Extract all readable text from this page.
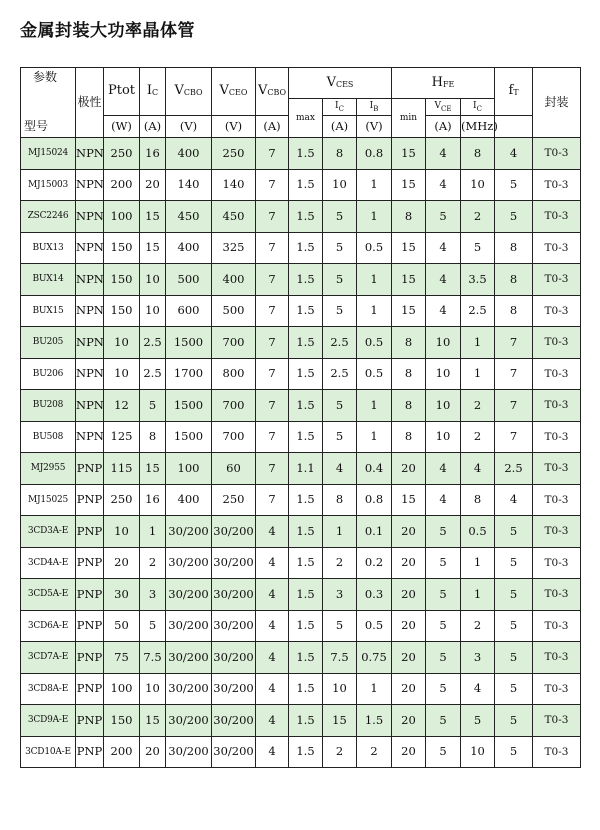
金属封装大功率晶体管
参数
型号	极性	Ptot	$I_C$	$V_{CBO}$	$V_{CEO}$	$V_{CBO}$	$V_{CES}$			$H_{FE}$			$f_T$	封装
							max	$I_C$	$I_B$	min	$V_{CE}$	$I_C$
		(W)	(A)	(V)	(V)	(A)		(A)	(V)		(A)	(MHz)		
MJ15024	NPN	250	16	400	250	7	1.5	8	0.8	15	4	8	4	T0-3
MJ15003	NPN	200	20	140	140	7	1.5	10	1	15	4	10	5	T0-3
ZSC2246	NPN	100	15	450	450	7	1.5	5	1	8	5	2	5	T0-3
BUX13	NPN	150	15	400	325	7	1.5	5	0.5	15	4	5	8	T0-3
BUX14	NPN	150	10	500	400	7	1.5	5	1	15	4	3.5	8	T0-3
BUX15	NPN	150	10	600	500	7	1.5	5	1	15	4	2.5	8	T0-3
BU205	NPN	10	2.5	1500	700	7	1.5	2.5	0.5	8	10	1	7	T0-3
BU206	NPN	10	2.5	1700	800	7	1.5	2.5	0.5	8	10	1	7	T0-3
BU208	NPN	12	5	1500	700	7	1.5	5	1	8	10	2	7	T0-3
BU508	NPN	125	8	1500	700	7	1.5	5	1	8	10	2	7	T0-3
MJ2955	PNP	115	15	100	60	7	1.1	4	0.4	20	4	4	2.5	T0-3
MJ15025	PNP	250	16	400	250	7	1.5	8	0.8	15	4	8	4	T0-3
3CD3A-E	PNP	10	1	30/200	30/200	4	1.5	1	0.1	20	5	0.5	5	T0-3
3CD4A-E	PNP	20	2	30/200	30/200	4	1.5	2	0.2	20	5	1	5	T0-3
3CD5A-E	PNP	30	3	30/200	30/200	4	1.5	3	0.3	20	5	1	5	T0-3
3CD6A-E	PNP	50	5	30/200	30/200	4	1.5	5	0.5	20	5	2	5	T0-3
3CD7A-E	PNP	75	7.5	30/200	30/200	4	1.5	7.5	0.75	20	5	3	5	T0-3
3CD8A-E	PNP	100	10	30/200	30/200	4	1.5	10	1	20	5	4	5	T0-3
3CD9A-E	PNP	150	15	30/200	30/200	4	1.5	15	1.5	20	5	5	5	T0-3
3CD10A-E	PNP	200	20	30/200	30/200	4	1.5	2	2	20	5	10	5	T0-3
